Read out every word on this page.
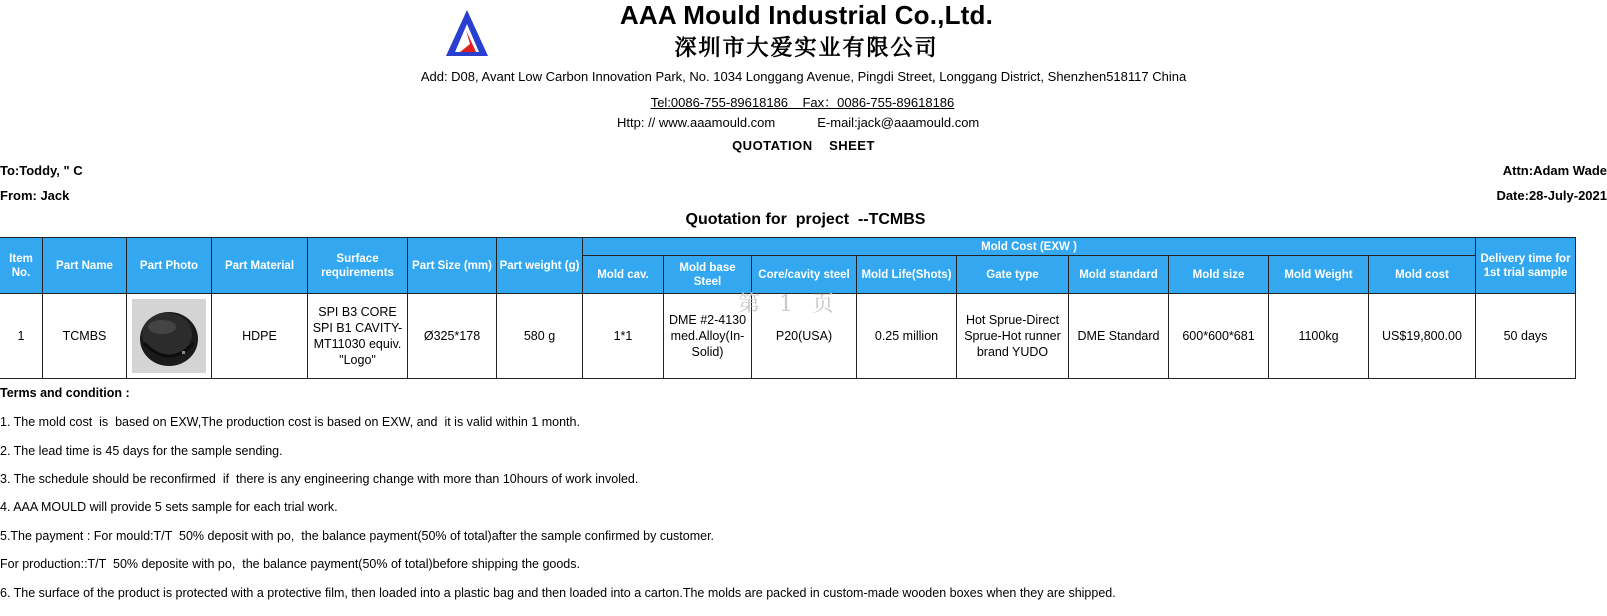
AAA Mould Industrial Co.,Ltd.
深圳市大爱实业有限公司
Add: D08, Avant Low Carbon Innovation Park, No. 1034 Longgang Avenue, Pingdi Street, Longgang District, Shenzhen518117 China
Tel:0086-755-89618186    Fax：0086-755-89618186
Http: // www.aaamould.com	E-mail:jack@aaamould.com
QUOTATION    SHEET
To:Toddy, " C
From: Jack
Attn:Adam Wade
Date:28-July-2021
Quotation for  project  --TCMBS
Item No.	Part Name	Part Photo	Part Material	Surface requirements	Part Size (mm)	Part weight (g)	Mold Cost (EXW )									Delivery time for 1st trial sample
							Mold cav.	Mold base Steel	Core/cavity steel	Mold Life(Shots)	Gate type	Mold standard	Mold size	Mold Weight	Mold cost	
1	TCMBS		HDPE	SPI B3 CORE SPI B1 CAVITY-MT11030 equiv. "Logo"	Ø325*178	580 g	1*1	DME #2-4130 med.Alloy(In-Solid)	P20(USA)	0.25 million	Hot Sprue-Direct Sprue-Hot runner brand YUDO	DME Standard	600*600*681	1100kg	US$19,800.00	50 days
第 1 页
Terms and condition :
1. The mold cost  is  based on EXW,The production cost is based on EXW, and  it is valid within 1 month.
2. The lead time is 45 days for the sample sending.
3. The schedule should be reconfirmed  if  there is any engineering change with more than 10hours of work involed.
4. AAA MOULD will provide 5 sets sample for each trial work.
5.The payment : For mould:T/T  50% deposit with po,  the balance payment(50% of total)after the sample confirmed by customer.
For production::T/T  50% deposite with po,  the balance payment(50% of total)before shipping the goods.
6. The surface of the product is protected with a protective film, then loaded into a plastic bag and then loaded into a carton.The molds are packed in custom-made wooden boxes when they are shipped.
